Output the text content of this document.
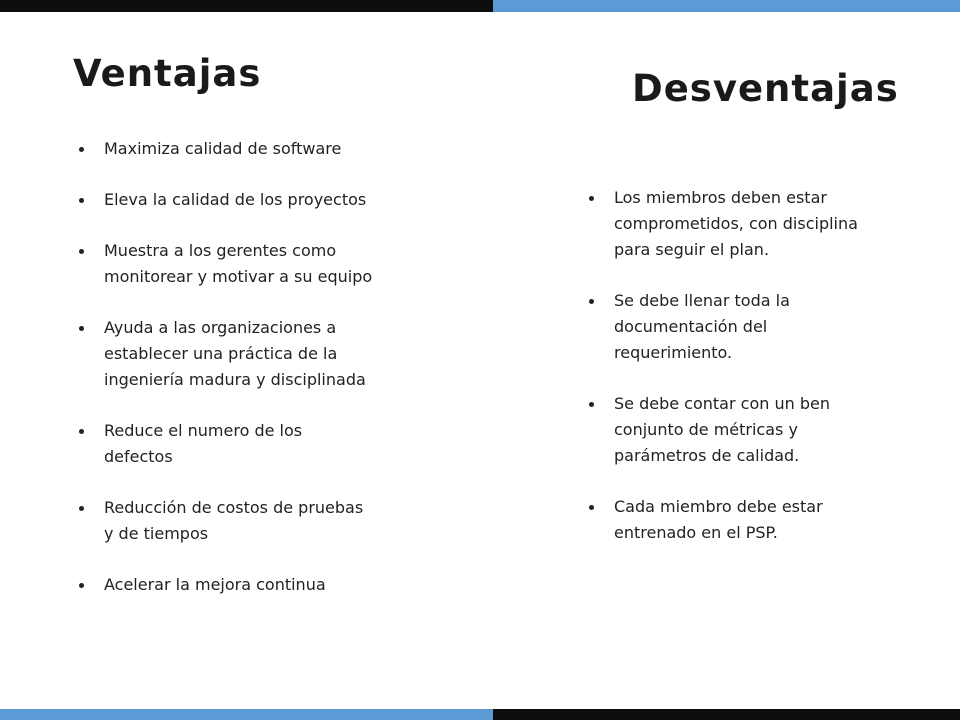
Ventajas	Desventajas
Maximiza calidad de software
Eleva la calidad de los proyectos
Muestra a los gerentes como monitorear y motivar a su equipo
Ayuda a las organizaciones a establecer una práctica de la ingeniería madura y disciplinada
Reduce el numero de los defectos
Reducción de costos de pruebas y de tiempos
Acelerar la mejora continua
Los miembros deben estar comprometidos, con disciplina para seguir el plan.
Se debe llenar toda la documentación del requerimiento.
Se debe contar con un ben conjunto de métricas y parámetros de calidad.
Cada miembro debe estar entrenado en el PSP.
